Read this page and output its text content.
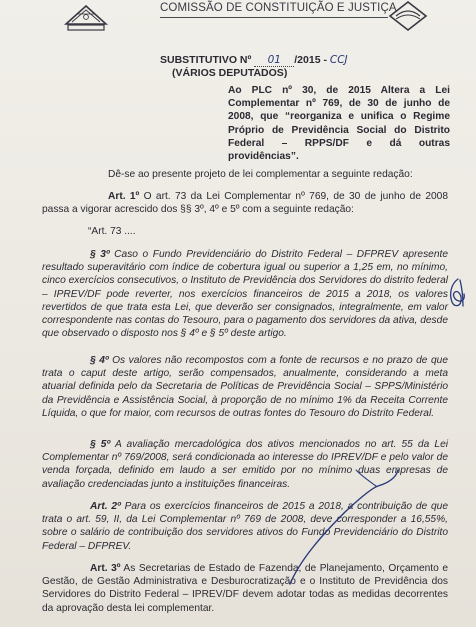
COMISSÃO DE CONSTITUIÇÃO E JUSTIÇA
SUBSTITUTIVO Nº 01 /2015 - CCJ
(VÁRIOS DEPUTADOS)
Ao PLC nº 30, de 2015 Altera a Lei Complementar nº 769, de 30 de junho de 2008, que “reorganiza e unifica o Regime Próprio de Previdência Social do Distrito Federal – RPPS/DF e dá outras providências”.
Dê-se ao presente projeto de lei complementar a seguinte redação:
Art. 1º O art. 73 da Lei Complementar nº 769, de 30 de junho de 2008 passa a vigorar acrescido dos §§ 3º, 4º e 5º com a seguinte redação:
“Art. 73 ....
§ 3º Caso o Fundo Previdenciário do Distrito Federal – DFPREV apresente resultado superavitário com índice de cobertura igual ou superior a 1,25 em, no mínimo, cinco exercícios consecutivos, o Instituto de Previdência dos Servidores do distrito federal – IPREV/DF pode reverter, nos exercícios financeiros de 2015 a 2018, os valores revertidos de que trata esta Lei, que deverão ser consignados, integralmente, em valor correspondente nas contas do Tesouro, para o pagamento dos servidores da ativa, desde que observado o disposto nos § 4º e § 5º deste artigo.
§ 4º Os valores não recompostos com a fonte de recursos e no prazo de que trata o caput deste artigo, serão compensados, anualmente, considerando a meta atuarial definida pelo da Secretaria de Políticas de Previdência Social – SPPS/Ministério da Previdência e Assistência Social, à proporção de no mínimo 1% da Receita Corrente Líquida, o que for maior, com recursos de outras fontes do Tesouro do Distrito Federal.
§ 5º A avaliação mercadológica dos ativos mencionados no art. 55 da Lei Complementar nº 769/2008, será condicionada ao interesse do IPREV/DF e pelo valor de venda forçada, definido em laudo a ser emitido por no mínimo duas empresas de avaliação credenciadas junto a instituições financeiras.
Art. 2º Para os exercícios financeiros de 2015 a 2018, a contribuição de que trata o art. 59, II, da Lei Complementar nº 769 de 2008, deve corresponder a 16,55%, sobre o salário de contribuição dos servidores ativos do Fundo Previdenciário do Distrito Federal – DFPREV.
Art. 3º As Secretarias de Estado de Fazenda, de Planejamento, Orçamento e Gestão, de Gestão Administrativa e Desburocratização e o Instituto de Previdência dos Servidores do Distrito Federal – IPREV/DF devem adotar todas as medidas decorrentes da aprovação desta lei complementar.
